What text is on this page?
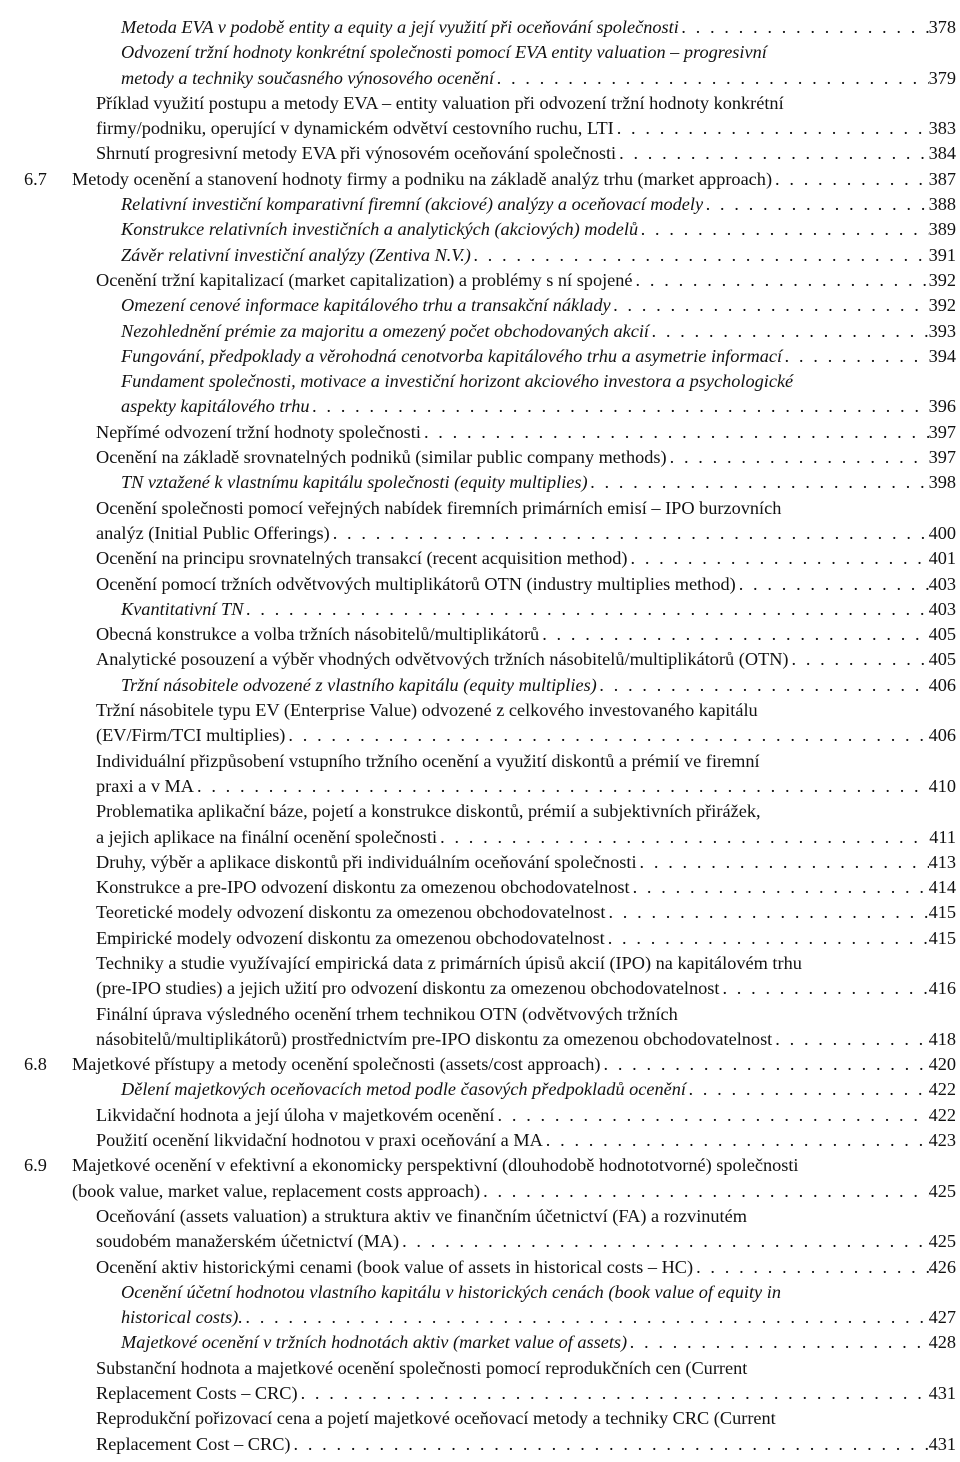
Metoda EVA v podobě entity a equity a její využití při oceňování společnosti . . .	378
Odvození tržní hodnoty konkrétní společnosti pomocí EVA entity valuation – progresivní
metody a techniky současného výnosového ocenění . . .	379
Příklad využití postupu a metody EVA – entity valuation při odvození tržní hodnoty konkrétní
firmy/podniku, operující v dynamickém odvětví cestovního ruchu, LTI . . .	383
Shrnutí progresivní metody EVA při výnosovém oceňování společnosti . . .	384
6.7 Metody ocenění a stanovení hodnoty firmy a podniku na základě analýz trhu (market approach) . . .	387
Relativní investiční komparativní firemní (akciové) analýzy a oceňovací modely . . .	388
Konstrukce relativních investičních a analytických (akciových) modelů . . .	389
Závěr relativní investiční analýzy (Zentiva N.V.) . . .	391
Ocenění tržní kapitalizací (market capitalization) a problémy s ní spojené . . .	392
Omezení cenové informace kapitálového trhu a transakční náklady . . .	392
Nezohlednění prémie za majoritu a omezený počet obchodovaných akcií . . .	393
Fungování, předpoklady a věrohodná cenotvorba kapitálového trhu a asymetrie informací . . .	394
Fundament společnosti, motivace a investiční horizont akciového investora a psychologické
aspekty kapitálového trhu . . .	396
Nepřímé odvození tržní hodnoty společnosti . . .	397
Ocenění na základě srovnatelných podniků (similar public company methods) . . .	397
TN vztažené k vlastnímu kapitálu společnosti (equity multiplies) . . .	398
Ocenění společnosti pomocí veřejných nabídek firemních primárních emisí – IPO burzovních
analýz (Initial Public Offerings) . . .	400
Ocenění na principu srovnatelných transakcí (recent acquisition method) . . .	401
Ocenění pomocí tržních odvětvových multiplikátorů OTN (industry multiplies method) . . .	403
Kvantitativní TN . . .	403
Obecná konstrukce a volba tržních násobitelů/multiplikátorů . . .	405
Analytické posouzení a výběr vhodných odvětvových tržních násobitelů/multiplikátorů (OTN) . . .	405
Tržní násobitele odvozené z vlastního kapitálu (equity multiplies) . . .	406
Tržní násobitele typu EV (Enterprise Value) odvozené z celkového investovaného kapitálu
(EV/Firm/TCI multiplies) . . .	406
Individuální přizpůsobení vstupního tržního ocenění a využití diskontů a prémií ve firemní
praxi a v MA . . .	410
Problematika aplikační báze, pojetí a konstrukce diskontů, prémií a subjektivních přirážek,
a jejich aplikace na finální ocenění společnosti . . .	411
Druhy, výběr a aplikace diskontů při individuálním oceňování společnosti . . .	413
Konstrukce a pre-IPO odvození diskontu za omezenou obchodovatelnost . . .	414
Teoretické modely odvození diskontu za omezenou obchodovatelnost . . .	415
Empirické modely odvození diskontu za omezenou obchodovatelnost . . .	415
Techniky a studie využívající empirická data z primárních úpisů akcií (IPO) na kapitálovém trhu
(pre-IPO studies) a jejich užití pro odvození diskontu za omezenou obchodovatelnost . . .	416
Finální úprava výsledného ocenění trhem technikou OTN (odvětvových tržních
násobitelů/multiplikátorů) prostřednictvím pre-IPO diskontu za omezenou obchodovatelnost . . .	418
6.8 Majetkové přístupy a metody ocenění společnosti (assets/cost approach) . . .	420
Dělení majetkových oceňovacích metod podle časových předpokladů ocenění . . .	422
Likvidační hodnota a její úloha v majetkovém ocenění . . .	422
Použití ocenění likvidační hodnotou v praxi oceňování a MA . . .	423
6.9 Majetkové ocenění v efektivní a ekonomicky perspektivní (dlouhodobě hodnototvorné) společnosti
(book value, market value, replacement costs approach) . . .	425
Oceňování (assets valuation) a struktura aktiv ve finančním účetnictví (FA) a rozvinutém
soudobém manažerském účetnictví (MA) . . .	425
Ocenění aktiv historickými cenami (book value of assets in historical costs – HC) . . .	426
Ocenění účetní hodnotou vlastního kapitálu v historických cenách (book value of equity in
historical costs). . . .	427
Majetkové ocenění v tržních hodnotách aktiv (market value of assets) . . .	428
Substanční hodnota a majetkové ocenění společnosti pomocí reprodukčních cen (Current
Replacement Costs – CRC) . . .	431
Reprodukční pořizovací cena a pojetí majetkové oceňovací metody a techniky CRC (Current
Replacement Cost – CRC) . . .	431
